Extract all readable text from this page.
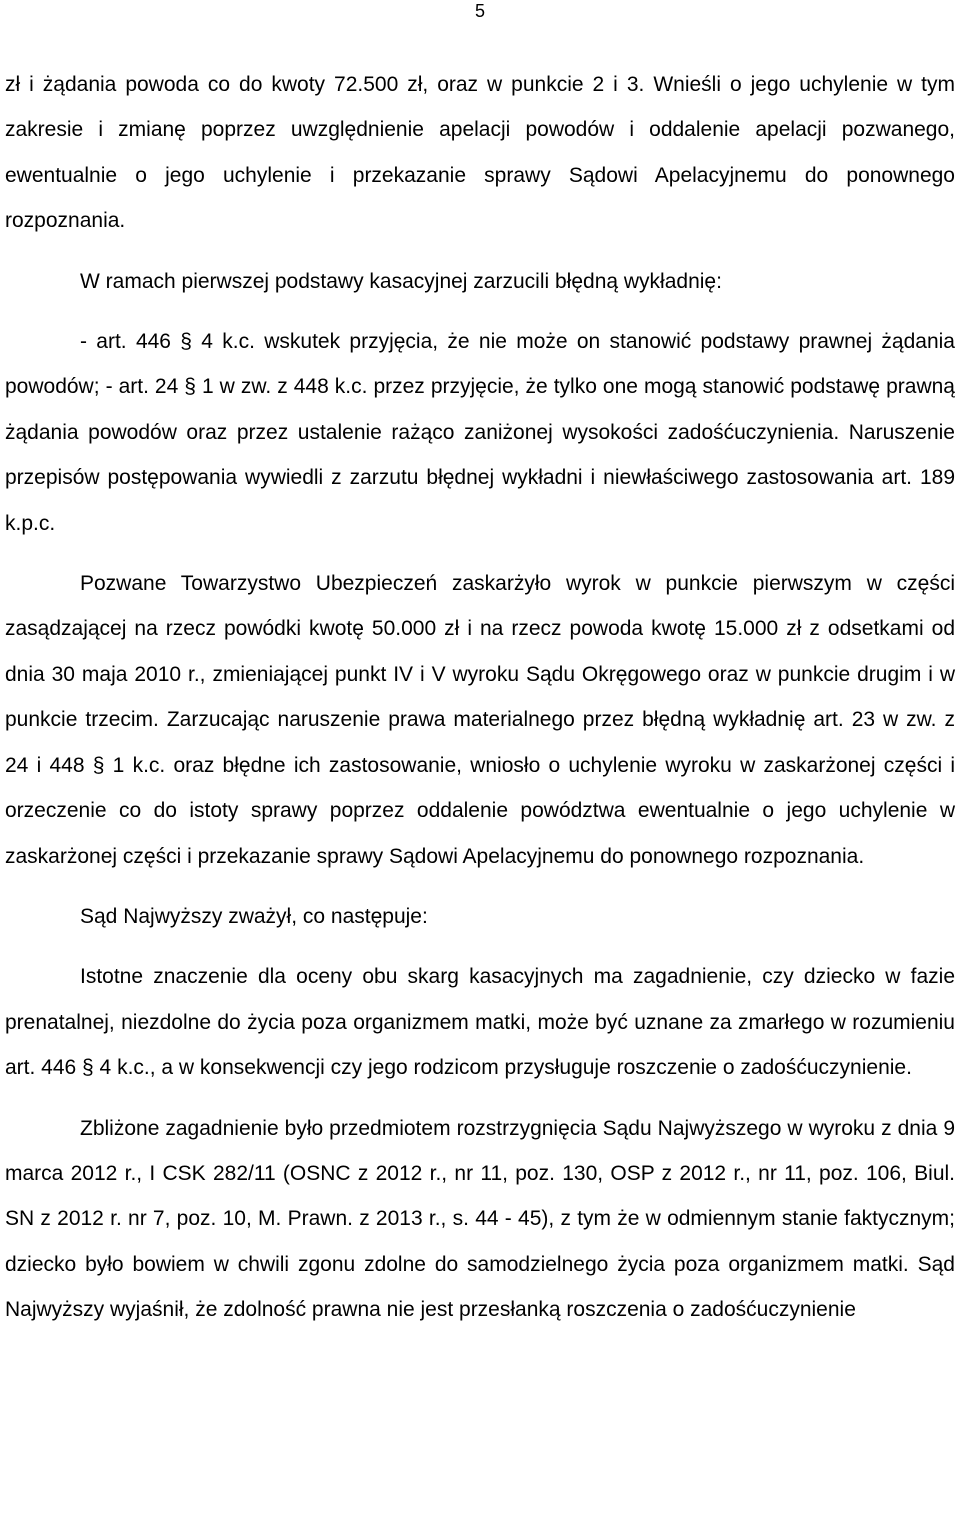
5

zł i żądania powoda co do kwoty 72.500 zł, oraz w punkcie 2 i 3. Wnieśli o jego uchylenie w tym zakresie i zmianę poprzez uwzględnienie apelacji powodów i oddalenie apelacji pozwanego, ewentualnie o jego uchylenie i przekazanie sprawy Sądowi Apelacyjnemu do ponownego rozpoznania.

W ramach pierwszej podstawy kasacyjnej zarzucili błędną wykładnię:

- art. 446 § 4 k.c. wskutek przyjęcia, że nie może on stanowić podstawy prawnej żądania powodów; - art. 24 § 1 w zw. z 448 k.c. przez przyjęcie, że tylko one mogą stanowić podstawę prawną żądania powodów oraz przez ustalenie rażąco zaniżonej wysokości zadośćuczynienia. Naruszenie przepisów postępowania wywiedli z zarzutu błędnej wykładni i niewłaściwego zastosowania art. 189 k.p.c.

Pozwane Towarzystwo Ubezpieczeń zaskarżyło wyrok w punkcie pierwszym w części zasądzającej na rzecz powódki kwotę 50.000 zł i na rzecz powoda kwotę 15.000 zł z odsetkami od dnia 30 maja 2010 r., zmieniającej punkt IV i V wyroku Sądu Okręgowego oraz w punkcie drugim i w punkcie trzecim. Zarzucając naruszenie prawa materialnego przez błędną wykładnię art. 23 w zw. z 24 i 448 § 1 k.c. oraz błędne ich zastosowanie, wniosło o uchylenie wyroku w zaskarżonej części i orzeczenie co do istoty sprawy poprzez oddalenie powództwa ewentualnie o jego uchylenie w zaskarżonej części i przekazanie sprawy Sądowi Apelacyjnemu do ponownego rozpoznania.

Sąd Najwyższy zważył, co następuje:

Istotne znaczenie dla oceny obu skarg kasacyjnych ma zagadnienie, czy dziecko w fazie prenatalnej, niezdolne do życia poza organizmem matki, może być uznane za zmarłego w rozumieniu art. 446 § 4 k.c., a w konsekwencji czy jego rodzicom przysługuje roszczenie o zadośćuczynienie.

Zbliżone zagadnienie było przedmiotem rozstrzygnięcia Sądu Najwyższego w wyroku z dnia 9 marca 2012 r., I CSK 282/11 (OSNC z 2012 r., nr 11, poz. 130, OSP z 2012 r., nr 11, poz. 106, Biul. SN z 2012 r. nr 7, poz. 10, M. Prawn. z 2013 r., s. 44 - 45), z tym że w odmiennym stanie faktycznym; dziecko było bowiem w chwili zgonu zdolne do samodzielnego życia poza organizmem matki. Sąd Najwyższy wyjaśnił, że zdolność prawna nie jest przesłanką roszczenia o zadośćuczynienie
